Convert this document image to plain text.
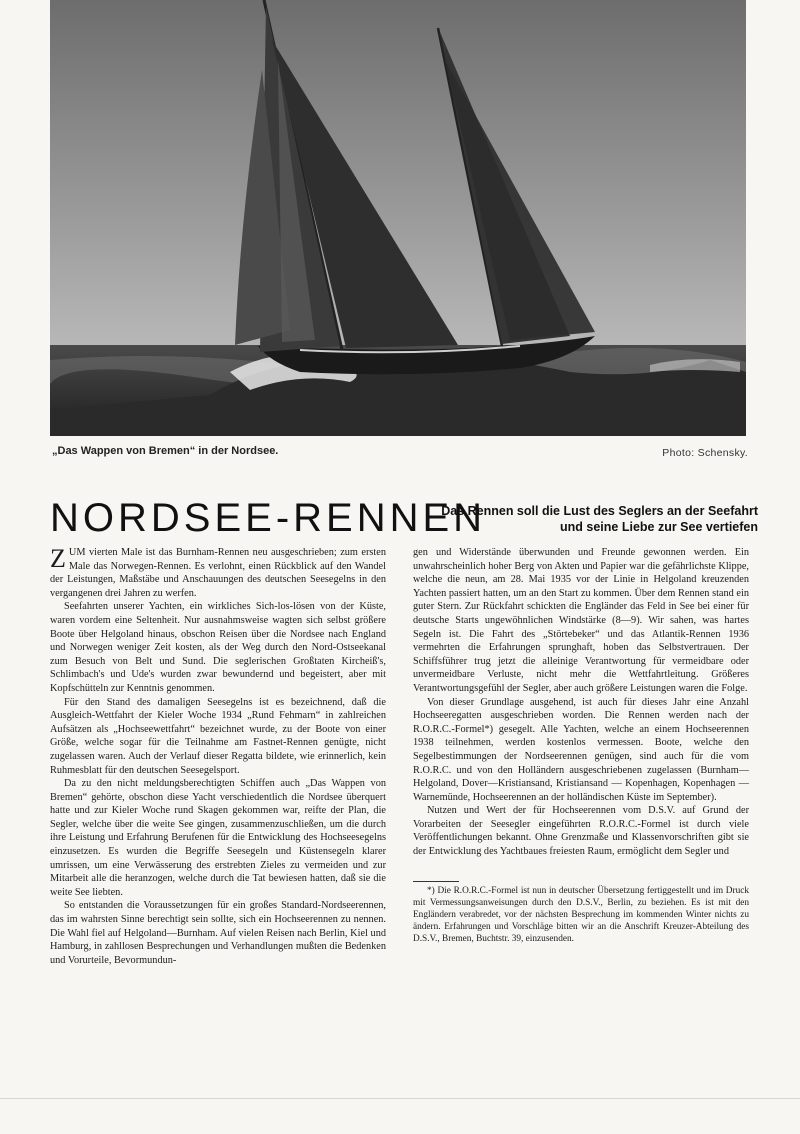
„Das Wappen von Bremen“ in der Nordsee.	Photo: Schensky.
NORDSEE-RENNEN
Das Rennen soll die Lust des Seglers an der Seefahrt und seine Liebe zur See vertiefen

ZUM vierten Male ist das Burnham-Rennen neu ausgeschrieben; zum ersten Male das Norwegen-Rennen. Es verlohnt, einen Rückblick auf den Wandel der Leistungen, Maßstäbe und Anschauungen des deutschen Seesegelns in den vergangenen drei Jahren zu werfen.

Seefahrten unserer Yachten, ein wirkliches Sich-los-lösen von der Küste, waren vordem eine Seltenheit. Nur ausnahmsweise wagten sich selbst größere Boote über Helgoland hinaus, obschon Reisen über die Nordsee nach England und Norwegen weniger Zeit kosten, als der Weg durch den Nord-Ostseekanal zum Besuch von Belt und Sund. Die seglerischen Großtaten Kircheiß's, Schlimbach's und Ude's wurden zwar bewundernd und begeistert, aber mit Kopfschütteln zur Kenntnis genommen.

Für den Stand des damaligen Seesegelns ist es bezeichnend, daß die Ausgleich-Wettfahrt der Kieler Woche 1934 „Rund Fehmarn“ in zahlreichen Aufsätzen als „Hochseewettfahrt“ bezeichnet wurde, zu der Boote von einer Größe, welche sogar für die Teilnahme am Fastnet-Rennen genügte, nicht zugelassen waren. Auch der Verlauf dieser Regatta bildete, wie erinnerlich, kein Ruhmesblatt für den deutschen Seesegelsport.

Da zu den nicht meldungsberechtigten Schiffen auch „Das Wappen von Bremen“ gehörte, obschon diese Yacht verschiedentlich die Nordsee überquert hatte und zur Kieler Woche rund Skagen gekommen war, reifte der Plan, die Segler, welche über die weite See gingen, zusammenzuschließen, um die durch ihre Leistung und Erfahrung Berufenen für die Entwicklung des Hochseesegelns einzusetzen. Es wurden die Begriffe Seesegeln und Küstensegeln klarer umrissen, um eine Verwässerung des erstrebten Zieles zu vermeiden und zur Mitarbeit alle die heranzogen, welche durch die Tat bewiesen hatten, daß sie die weite See liebten.

So entstanden die Voraussetzungen für ein großes Standard-Nordseerennen, das im wahrsten Sinne berechtigt sein sollte, sich ein Hochseerennen zu nennen. Die Wahl fiel auf Helgoland—Burnham. Auf vielen Reisen nach Berlin, Kiel und Hamburg, in zahllosen Besprechungen und Verhandlungen mußten die Bedenken und Vorurteile, Bevormundun-

gen und Widerstände überwunden und Freunde gewonnen werden. Ein unwahrscheinlich hoher Berg von Akten und Papier war die gefährlichste Klippe, welche die neun, am 28. Mai 1935 vor der Linie in Helgoland kreuzenden Yachten passiert hatten, um an den Start zu kommen. Über dem Rennen stand ein guter Stern. Zur Rückfahrt schickten die Engländer das Feld in See bei einer für deutsche Starts ungewöhnlichen Windstärke (8—9). Wir sahen, was hartes Segeln ist. Die Fahrt des „Störtebeker“ und das Atlantik-Rennen 1936 vermehrten die Erfahrungen sprunghaft, hoben das Selbstvertrauen. Der Schiffsführer trug jetzt die alleinige Verantwortung für vermeidbare oder unvermeidbare Verluste, nicht mehr die Wettfahrtleitung. Größeres Verantwortungsgefühl der Segler, aber auch größere Leistungen waren die Folge.

Von dieser Grundlage ausgehend, ist auch für dieses Jahr eine Anzahl Hochseeregatten ausgeschrieben worden. Die Rennen werden nach der R.O.R.C.-Formel*) gesegelt. Alle Yachten, welche an einem Hochseerennen 1938 teilnehmen, werden kostenlos vermessen. Boote, welche den Segelbestimmungen der Nordseerennen genügen, sind auch für die vom R.O.R.C. und von den Holländern ausgeschriebenen zugelassen (Burnham—Helgoland, Dover—Kristiansand, Kristiansand — Kopenhagen, Kopenhagen — Warnemünde, Hochseerennen an der holländischen Küste im September).

Nutzen und Wert der für Hochseerennen vom D.S.V. auf Grund der Vorarbeiten der Seesegler eingeführten R.O.R.C.-Formel ist durch viele Veröffentlichungen bekannt. Ohne Grenzmaße und Klassenvorschriften gibt sie der Entwicklung des Yachtbaues freiesten Raum, ermöglicht dem Segler und

*) Die R.O.R.C.-Formel ist nun in deutscher Übersetzung fertiggestellt und im Druck mit Vermessungsanweisungen durch den D.S.V., Berlin, zu beziehen. Es ist mit den Engländern verabredet, vor der nächsten Besprechung im kommenden Winter nichts zu ändern. Erfahrungen und Vorschläge bitten wir an die Anschrift Kreuzer-Abteilung des D.S.V., Bremen, Buchtstr. 39, einzusenden.
